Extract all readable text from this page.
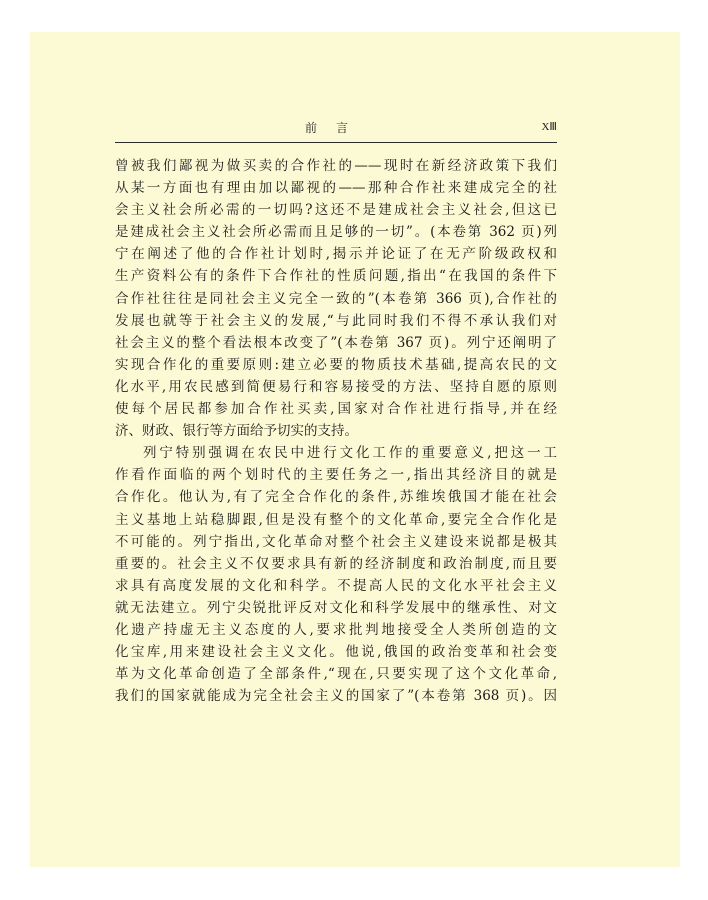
前言	XⅢ
曾被我们鄙视为做买卖的合作社的——现时在新经济政策下我们
从某一方面也有理由加以鄙视的——那种合作社来建成完全的社
会主义社会所必需的一切吗?这还不是建成社会主义社会,但这已
是建成社会主义社会所必需而且足够的一切”。(本卷第 362 页)列
宁在阐述了他的合作社计划时,揭示并论证了在无产阶级政权和
生产资料公有的条件下合作社的性质问题,指出“在我国的条件下
合作社往往是同社会主义完全一致的”(本卷第 366 页),合作社的
发展也就等于社会主义的发展,“与此同时我们不得不承认我们对
社会主义的整个看法根本改变了”(本卷第 367 页)。列宁还阐明了
实现合作化的重要原则:建立必要的物质技术基础,提高农民的文
化水平,用农民感到简便易行和容易接受的方法、坚持自愿的原则
使每个居民都参加合作社买卖,国家对合作社进行指导,并在经
济、财政、银行等方面给予切实的支持。
列宁特别强调在农民中进行文化工作的重要意义,把这一工
作看作面临的两个划时代的主要任务之一,指出其经济目的就是
合作化。他认为,有了完全合作化的条件,苏维埃俄国才能在社会
主义基地上站稳脚跟,但是没有整个的文化革命,要完全合作化是
不可能的。列宁指出,文化革命对整个社会主义建设来说都是极其
重要的。社会主义不仅要求具有新的经济制度和政治制度,而且要
求具有高度发展的文化和科学。不提高人民的文化水平社会主义
就无法建立。列宁尖锐批评反对文化和科学发展中的继承性、对文
化遗产持虚无主义态度的人,要求批判地接受全人类所创造的文
化宝库,用来建设社会主义文化。他说,俄国的政治变革和社会变
革为文化革命创造了全部条件,“现在,只要实现了这个文化革命,
我们的国家就能成为完全社会主义的国家了”(本卷第 368 页)。因
